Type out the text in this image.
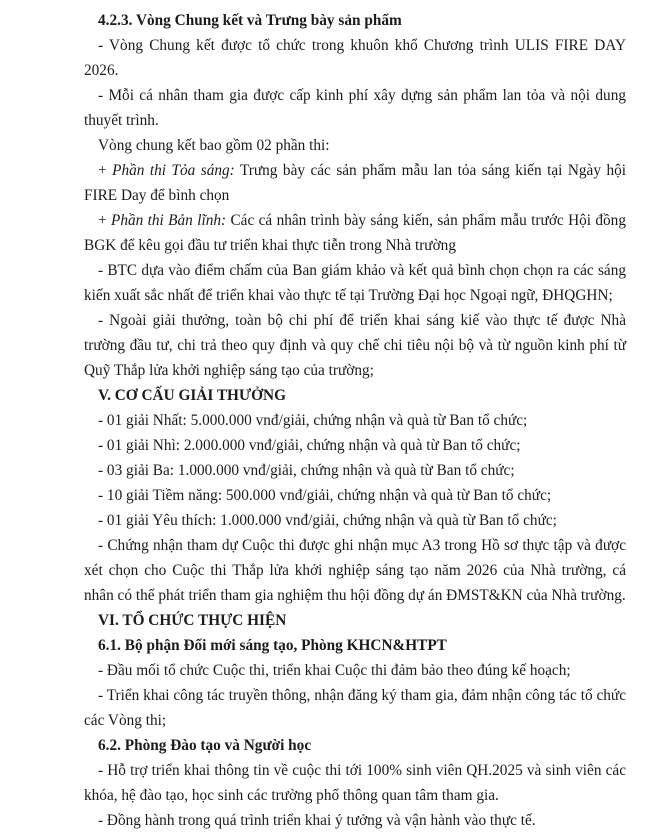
4.2.3. Vòng Chung kết và Trưng bày sản phẩm

- Vòng Chung kết được tổ chức trong khuôn khổ Chương trình ULIS FIRE DAY 2026.

- Mỗi cá nhân tham gia được cấp kinh phí xây dựng sản phẩm lan tỏa và nội dung thuyết trình.

Vòng chung kết bao gồm 02 phần thi:

+ Phần thi Tỏa sáng: Trưng bày các sản phẩm mẫu lan tỏa sáng kiến tại Ngày hội FIRE Day để bình chọn

+ Phần thi Bản lĩnh: Các cá nhân trình bày sáng kiến, sản phẩm mẫu trước Hội đồng BGK để kêu gọi đầu tư triển khai thực tiễn trong Nhà trường

- BTC dựa vào điểm chấm của Ban giám khảo và kết quả bình chọn chọn ra các sáng kiến xuất sắc nhất để triển khai vào thực tế tại Trường Đại học Ngoại ngữ, ĐHQGHN;

- Ngoài giải thưởng, toàn bộ chi phí để triển khai sáng kiế vào thực tế được Nhà trường đầu tư, chi trả theo quy định và quy chế chi tiêu nội bộ và từ nguồn kinh phí từ Quỹ Thắp lửa khởi nghiệp sáng tạo của trường;

V. CƠ CẤU GIẢI THƯỞNG

- 01 giải Nhất: 5.000.000 vnđ/giải, chứng nhận và quà từ Ban tổ chức;

- 01 giải Nhì: 2.000.000 vnđ/giải, chứng nhận và quà từ Ban tổ chức;

- 03 giải Ba: 1.000.000 vnđ/giải, chứng nhận và quà từ Ban tổ chức;

- 10 giải Tiềm năng: 500.000 vnđ/giải, chứng nhận và quà từ Ban tổ chức;

- 01 giải Yêu thích: 1.000.000 vnđ/giải, chứng nhận và quà từ Ban tổ chức;

- Chứng nhận tham dự Cuộc thi được ghi nhận mục A3 trong Hồ sơ thực tập và được xét chọn cho Cuộc thi Thắp lửa khởi nghiệp sáng tạo năm 2026 của Nhà trường, cá nhân có thể phát triển tham gia nghiệm thu hội đồng dự án ĐMST&KN của Nhà trường.

VI. TỔ CHỨC THỰC HIỆN

6.1. Bộ phận Đổi mới sáng tạo, Phòng KHCN&HTPT

- Đầu mối tổ chức Cuộc thi, triển khai Cuộc thi đảm bảo theo đúng kế hoạch;

- Triển khai công tác truyền thông, nhận đăng ký tham gia, đảm nhận công tác tổ chức các Vòng thi;

6.2. Phòng Đào tạo và Người học

- Hỗ trợ triển khai thông tin về cuộc thi tới 100% sinh viên QH.2025 và sinh viên các khóa, hệ đào tạo, học sinh các trường phổ thông quan tâm tham gia.

- Đồng hành trong quá trình triển khai ý tưởng và vận hành vào thực tế.
